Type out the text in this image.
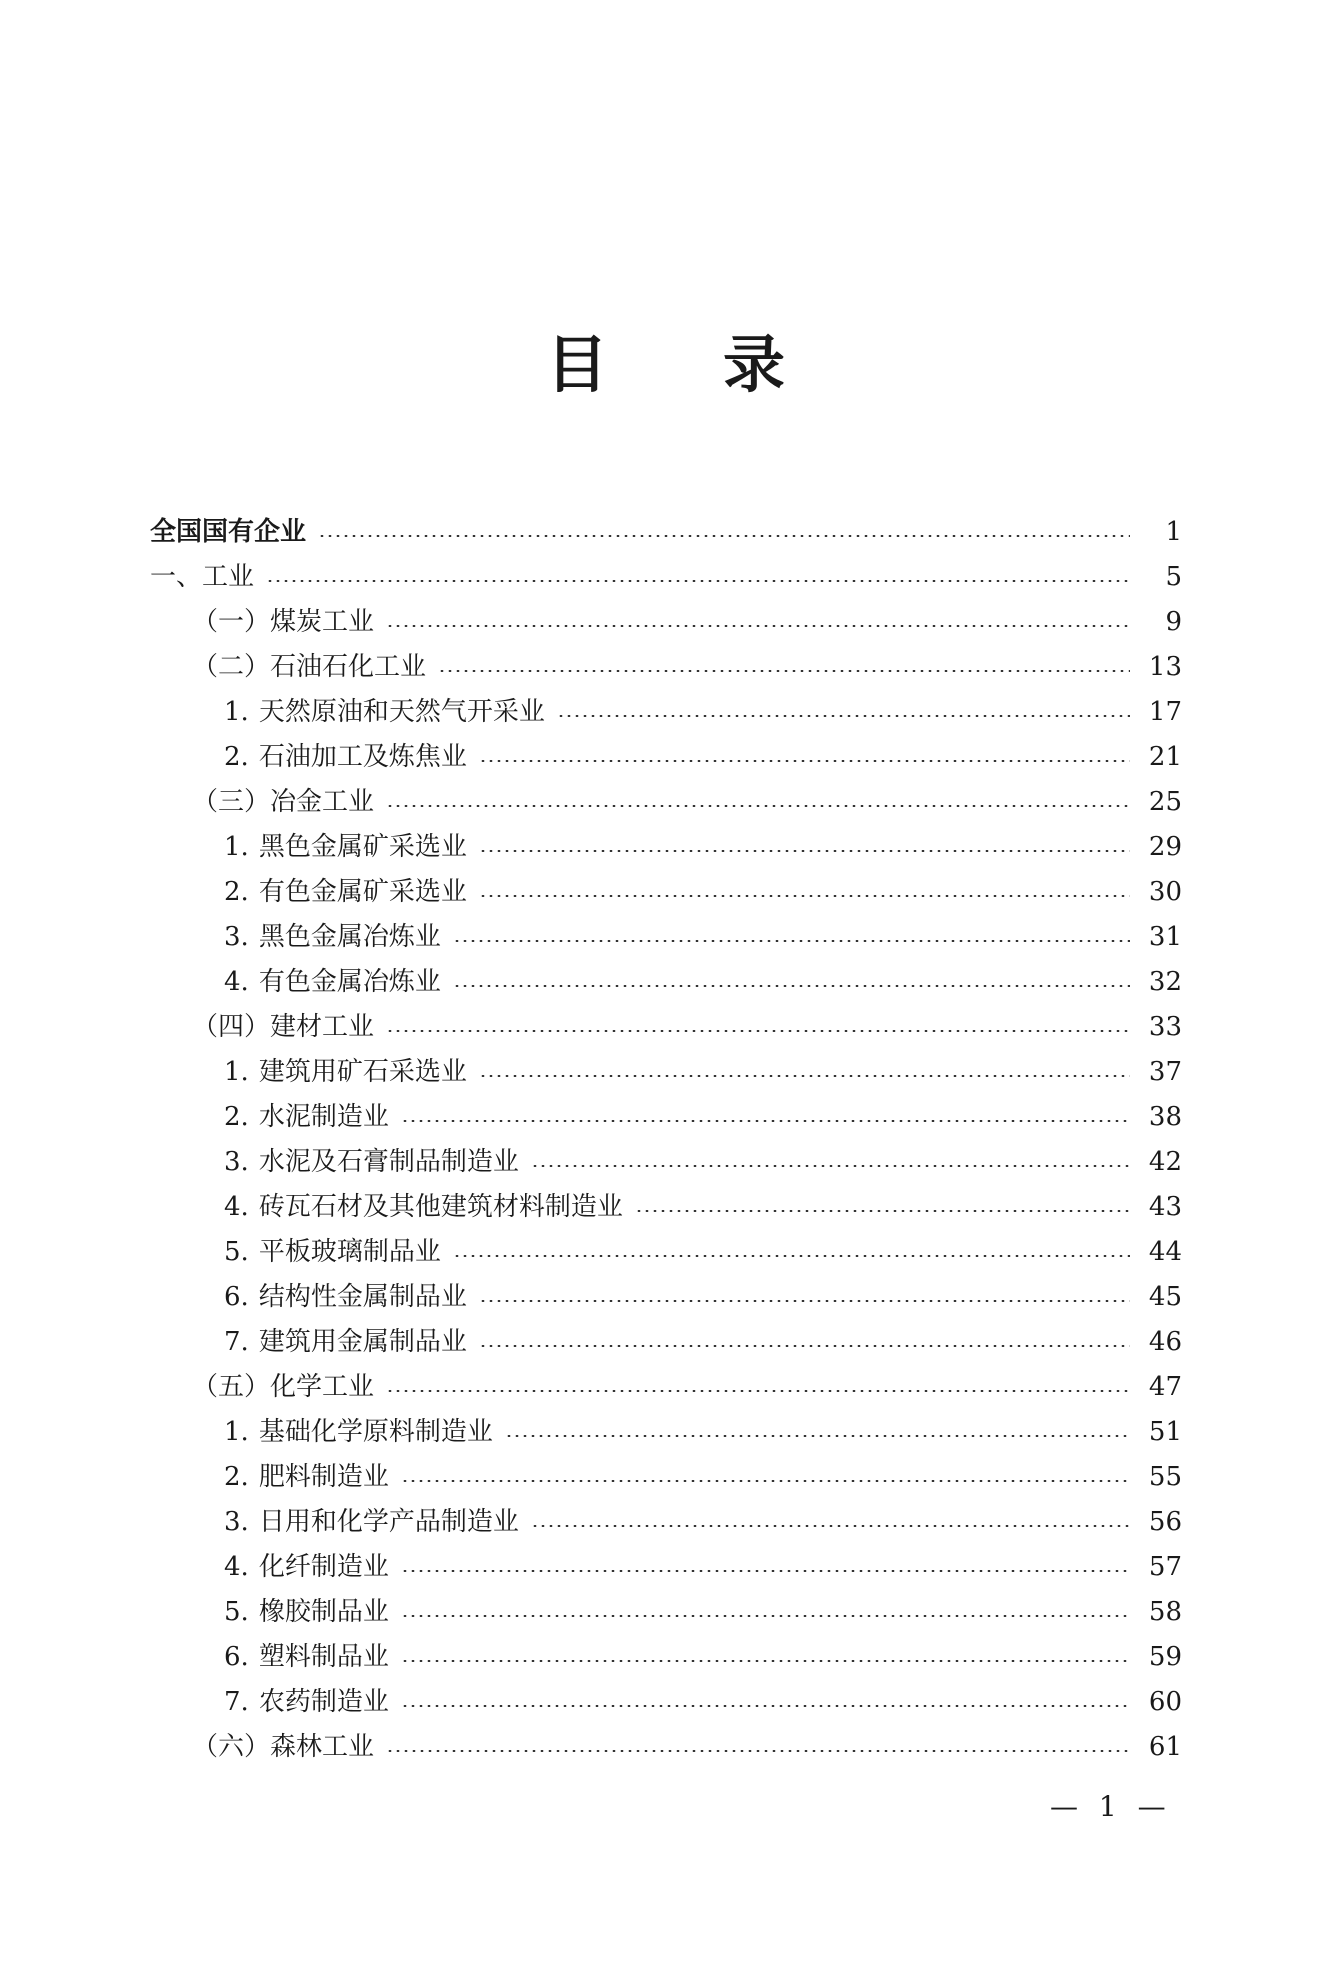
目 录
全国国有企业	1
一、工业	5
（一）煤炭工业	9
（二）石油石化工业	13
1. 天然原油和天然气开采业	17
2. 石油加工及炼焦业	21
（三）冶金工业	25
1. 黑色金属矿采选业	29
2. 有色金属矿采选业	30
3. 黑色金属冶炼业	31
4. 有色金属冶炼业	32
（四）建材工业	33
1. 建筑用矿石采选业	37
2. 水泥制造业	38
3. 水泥及石膏制品制造业	42
4. 砖瓦石材及其他建筑材料制造业	43
5. 平板玻璃制品业	44
6. 结构性金属制品业	45
7. 建筑用金属制品业	46
（五）化学工业	47
1. 基础化学原料制造业	51
2. 肥料制造业	55
3. 日用和化学产品制造业	56
4. 化纤制造业	57
5. 橡胶制品业	58
6. 塑料制品业	59
7. 农药制造业	60
（六）森林工业	61
— 1 —
